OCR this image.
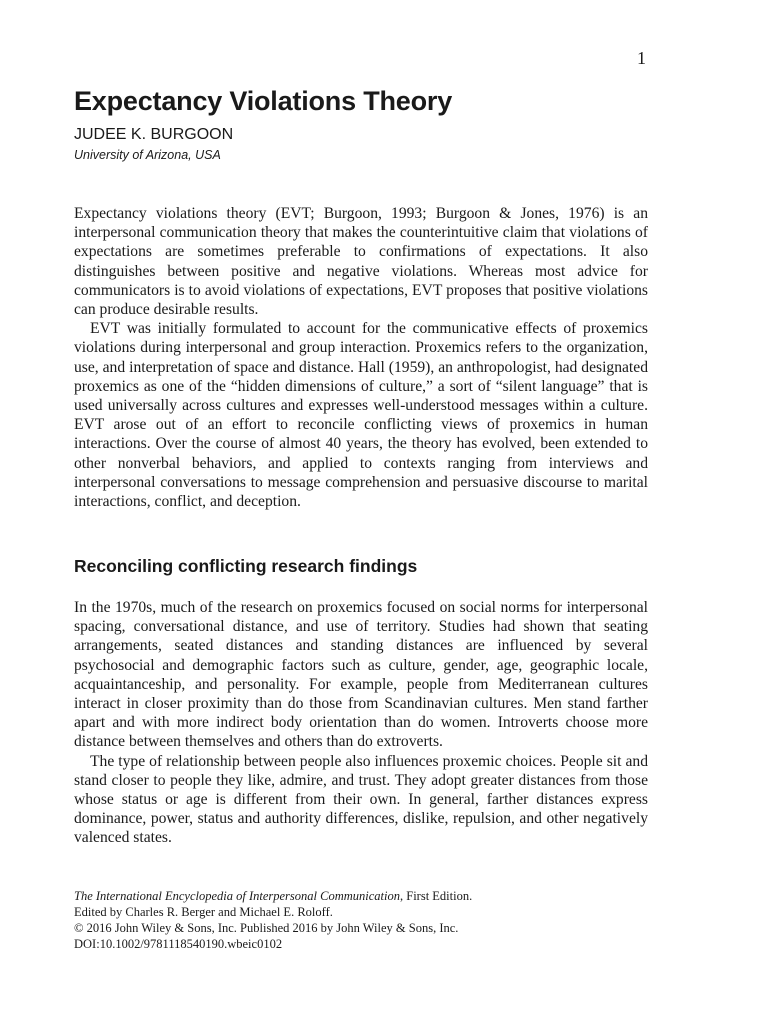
1
Expectancy Violations Theory
JUDEE K. BURGOON
University of Arizona, USA

Expectancy violations theory (EVT; Burgoon, 1993; Burgoon & Jones, 1976) is an interpersonal communication theory that makes the counterintuitive claim that violations of expectations are sometimes preferable to confirmations of expectations. It also distinguishes between positive and negative violations. Whereas most advice for communicators is to avoid violations of expectations, EVT proposes that positive violations can produce desirable results.

EVT was initially formulated to account for the communicative effects of proxemics violations during interpersonal and group interaction. Proxemics refers to the organization, use, and interpretation of space and distance. Hall (1959), an anthropologist, had designated proxemics as one of the “hidden dimensions of culture,” a sort of “silent language” that is used universally across cultures and expresses well-understood messages within a culture. EVT arose out of an effort to reconcile conflicting views of proxemics in human interactions. Over the course of almost 40 years, the theory has evolved, been extended to other nonverbal behaviors, and applied to contexts ranging from interviews and interpersonal conversations to message comprehension and persuasive discourse to marital interactions, conflict, and deception.

Reconciling conflicting research findings

In the 1970s, much of the research on proxemics focused on social norms for interpersonal spacing, conversational distance, and use of territory. Studies had shown that seating arrangements, seated distances and standing distances are influenced by several psychosocial and demographic factors such as culture, gender, age, geographic locale, acquaintanceship, and personality. For example, people from Mediterranean cultures interact in closer proximity than do those from Scandinavian cultures. Men stand farther apart and with more indirect body orientation than do women. Introverts choose more distance between themselves and others than do extroverts.

The type of relationship between people also influences proxemic choices. People sit and stand closer to people they like, admire, and trust. They adopt greater distances from those whose status or age is different from their own. In general, farther distances express dominance, power, status and authority differences, dislike, repulsion, and other negatively valenced states.

The International Encyclopedia of Interpersonal Communication, First Edition.
Edited by Charles R. Berger and Michael E. Roloff.
© 2016 John Wiley & Sons, Inc. Published 2016 by John Wiley & Sons, Inc.
DOI:10.1002/9781118540190.wbeic0102
